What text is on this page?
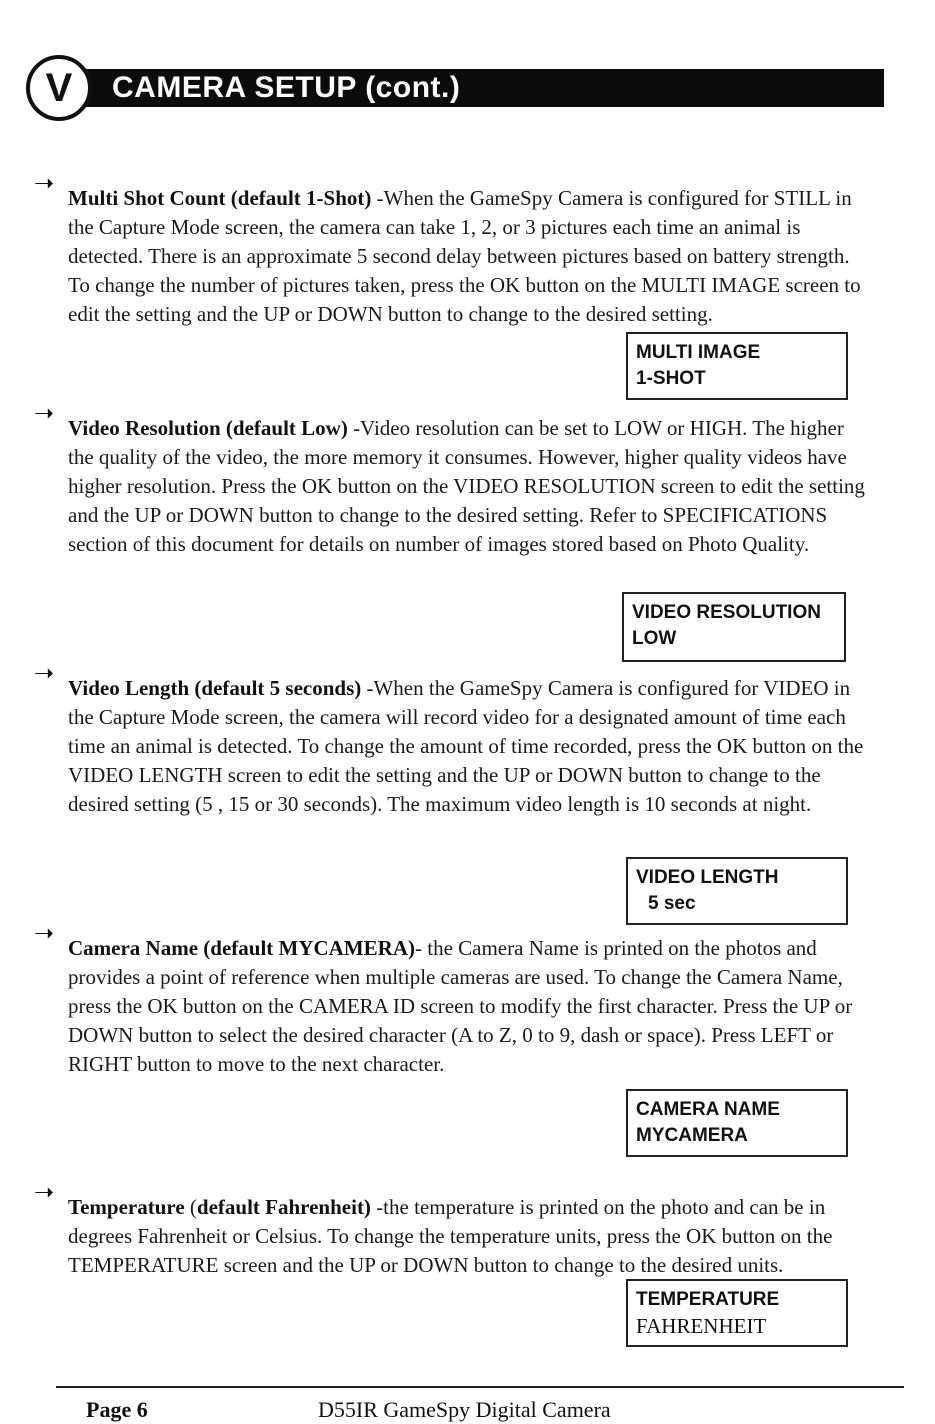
V CAMERA SETUP (cont.)
➝

Multi Shot Count (default 1-Shot) -When the GameSpy Camera is configured for STILL in the Capture Mode screen, the camera can take 1, 2, or 3 pictures each time an animal is detected. There is an approximate 5 second delay between pictures based on battery strength. To change the number of pictures taken, press the OK button on the MULTI IMAGE screen to edit the setting and the UP or DOWN button to change to the desired setting.

MULTI IMAGE
1-SHOT
➝

Video Resolution (default Low) -Video resolution can be set to LOW or HIGH. The higher the quality of the video, the more memory it consumes. However, higher quality videos have higher resolution. Press the OK button on the VIDEO RESOLUTION screen to edit the setting and the UP or DOWN button to change to the desired setting. Refer to SPECIFICATIONS section of this document for details on number of images stored based on Photo Quality.

VIDEO RESOLUTION
LOW
➝

Video Length (default 5 seconds) -When the GameSpy Camera is configured for VIDEO in the Capture Mode screen, the camera will record video for a designated amount of time each time an animal is detected. To change the amount of time recorded, press the OK button on the VIDEO LENGTH screen to edit the setting and the UP or DOWN button to change to the desired setting (5 , 15 or 30 seconds). The maximum video length is 10 seconds at night.

VIDEO LENGTH
5 sec
➝

Camera Name (default MYCAMERA)- the Camera Name is printed on the photos and provides a point of reference when multiple cameras are used. To change the Camera Name, press the OK button on the CAMERA ID screen to modify the first character. Press the UP or DOWN button to select the desired character (A to Z, 0 to 9, dash or space). Press LEFT or RIGHT button to move to the next character.

CAMERA NAME
MYCAMERA
➝

Temperature (default Fahrenheit) -the temperature is printed on the photo and can be in degrees Fahrenheit or Celsius. To change the temperature units, press the OK button on the TEMPERATURE screen and the UP or DOWN button to change to the desired units.

TEMPERATURE
FAHRENHEIT
Page 6	D55IR GameSpy Digital Camera
